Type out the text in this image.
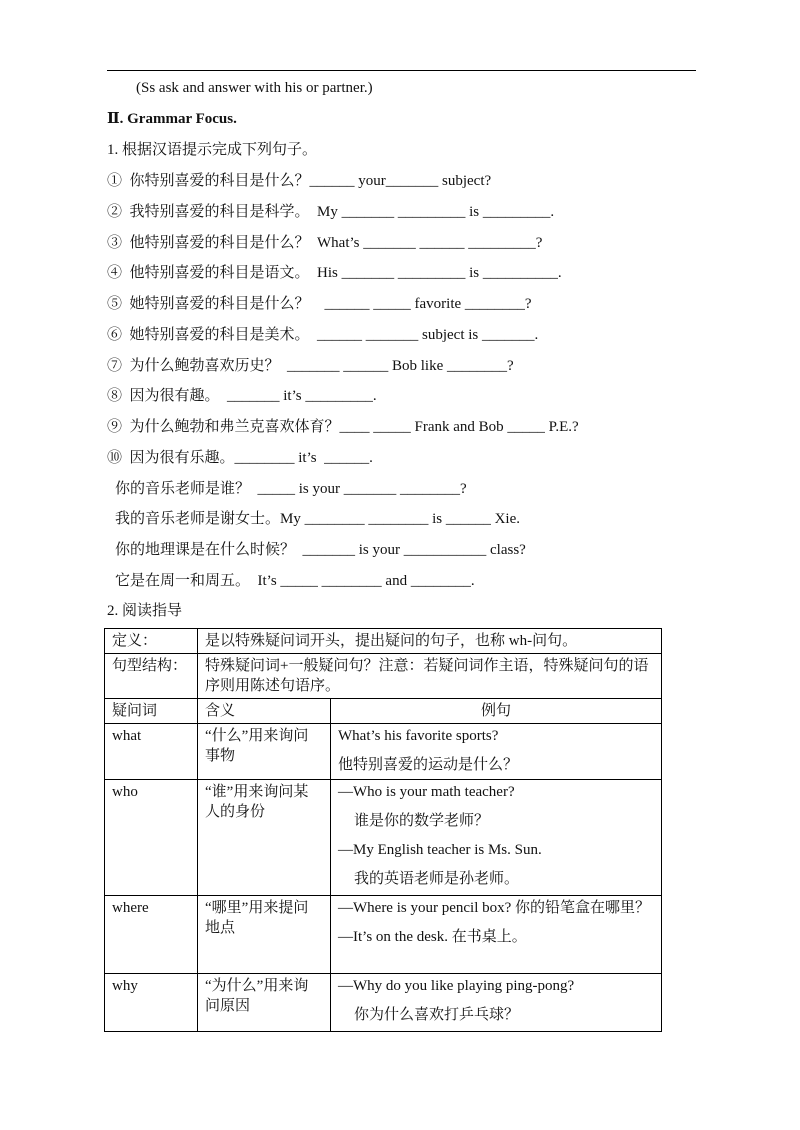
(Ss ask and answer with his or partner.)
Ⅱ. Grammar Focus.
1. 根据汉语提示完成下列句子。
①  你特别喜爱的科目是什么？______ your_______ subject?
②  我特别喜爱的科目是科学。  My _______ _________ is _________.
③  他特别喜爱的科目是什么？  What’s _______ ______ _________?
④  他特别喜爱的科目是语文。  His _______ _________ is __________.
⑤  她特别喜爱的科目是什么？    ______ _____ favorite ________?
⑥  她特别喜爱的科目是美术。  ______ _______ subject is _______.
⑦  为什么鲍勃喜欢历史？  _______ ______ Bob like ________?
⑧  因为很有趣。  _______ it’s _________.
⑨  为什么鲍勃和弗兰克喜欢体育？____ _____ Frank and Bob _____ P.E.?
⑩  因为很有乐趣。________ it’s  ______.
你的音乐老师是谁？  _____ is your _______ ________?
我的音乐老师是谢女士。My ________ ________ is ______ Xie.
你的地理课是在什么时候？  _______ is your ___________ class?
它是在周一和周五。  It’s _____ ________ and ________.
2. 阅读指导
定义：	是以特殊疑问词开头，提出疑问的句子，也称 wh-问句。	
句型结构：	特殊疑问词+一般疑问句？注意：若疑问词作主语，特殊疑问句的语序则用陈述句语序。	
疑问词	含义	例句
what	“什么”用来询问事物	What’s his favorite sports?
他特别喜爱的运动是什么？

who	“谁”用来询问某人的身份	—Who is your math teacher?
谁是你的数学老师？
—My English teacher is Ms. Sun.
我的英语老师是孙老师。

where	“哪里”用来提问地点	—Where is your pencil box? 你的铅笔盒在哪里？
—It’s on the desk. 在书桌上。

why	“为什么”用来询问原因	—Why do you like playing ping-pong?
你为什么喜欢打乒乓球？
